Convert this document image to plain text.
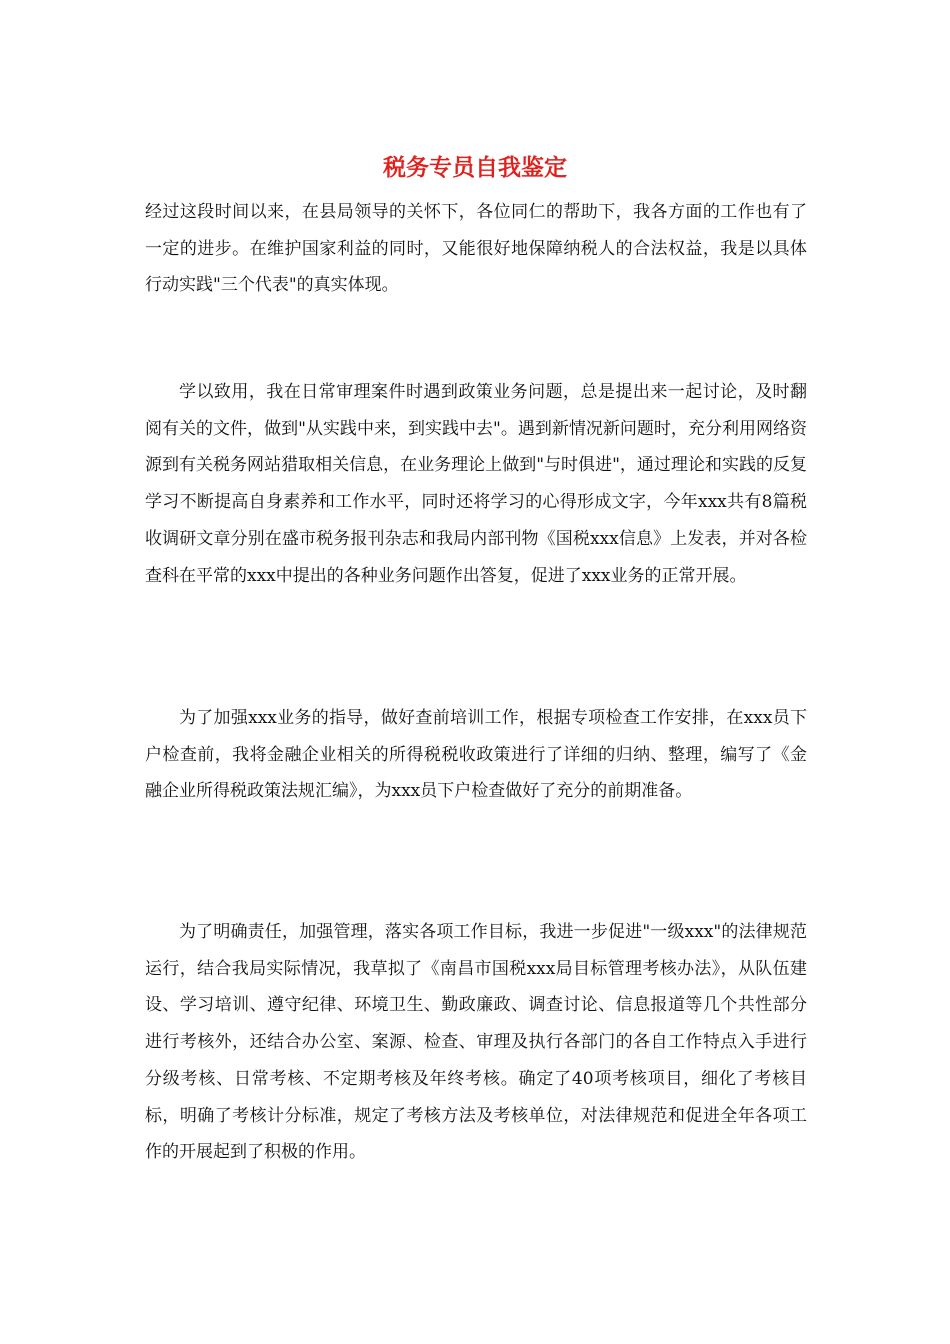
税务专员自我鉴定

经过这段时间以来，在县局领导的关怀下，各位同仁的帮助下，我各方面的工作也有了一定的进步。在维护国家利益的同时，又能很好地保障纳税人的合法权益，我是以具体行动实践"三个代表"的真实体现。

学以致用，我在日常审理案件时遇到政策业务问题，总是提出来一起讨论，及时翻阅有关的文件，做到"从实践中来，到实践中去"。遇到新情况新问题时，充分利用网络资源到有关税务网站猎取相关信息，在业务理论上做到"与时俱进"，通过理论和实践的反复学习不断提高自身素养和工作水平，同时还将学习的心得形成文字，今年xxx共有8篇税收调研文章分别在盛市税务报刊杂志和我局内部刊物《国税xxx信息》上发表，并对各检查科在平常的xxx中提出的各种业务问题作出答复，促进了xxx业务的正常开展。

为了加强xxx业务的指导，做好查前培训工作，根据专项检查工作安排，在xxx员下户检查前，我将金融企业相关的所得税税收政策进行了详细的归纳、整理，编写了《金融企业所得税政策法规汇编》，为xxx员下户检查做好了充分的前期准备。

为了明确责任，加强管理，落实各项工作目标，我进一步促进"一级xxx"的法律规范运行，结合我局实际情况，我草拟了《南昌市国税xxx局目标管理考核办法》，从队伍建设、学习培训、遵守纪律、环境卫生、勤政廉政、调查讨论、信息报道等几个共性部分进行考核外，还结合办公室、案源、检查、审理及执行各部门的各自工作特点入手进行分级考核、日常考核、不定期考核及年终考核。确定了40项考核项目，细化了考核目标，明确了考核计分标准，规定了考核方法及考核单位，对法律规范和促进全年各项工作的开展起到了积极的作用。
